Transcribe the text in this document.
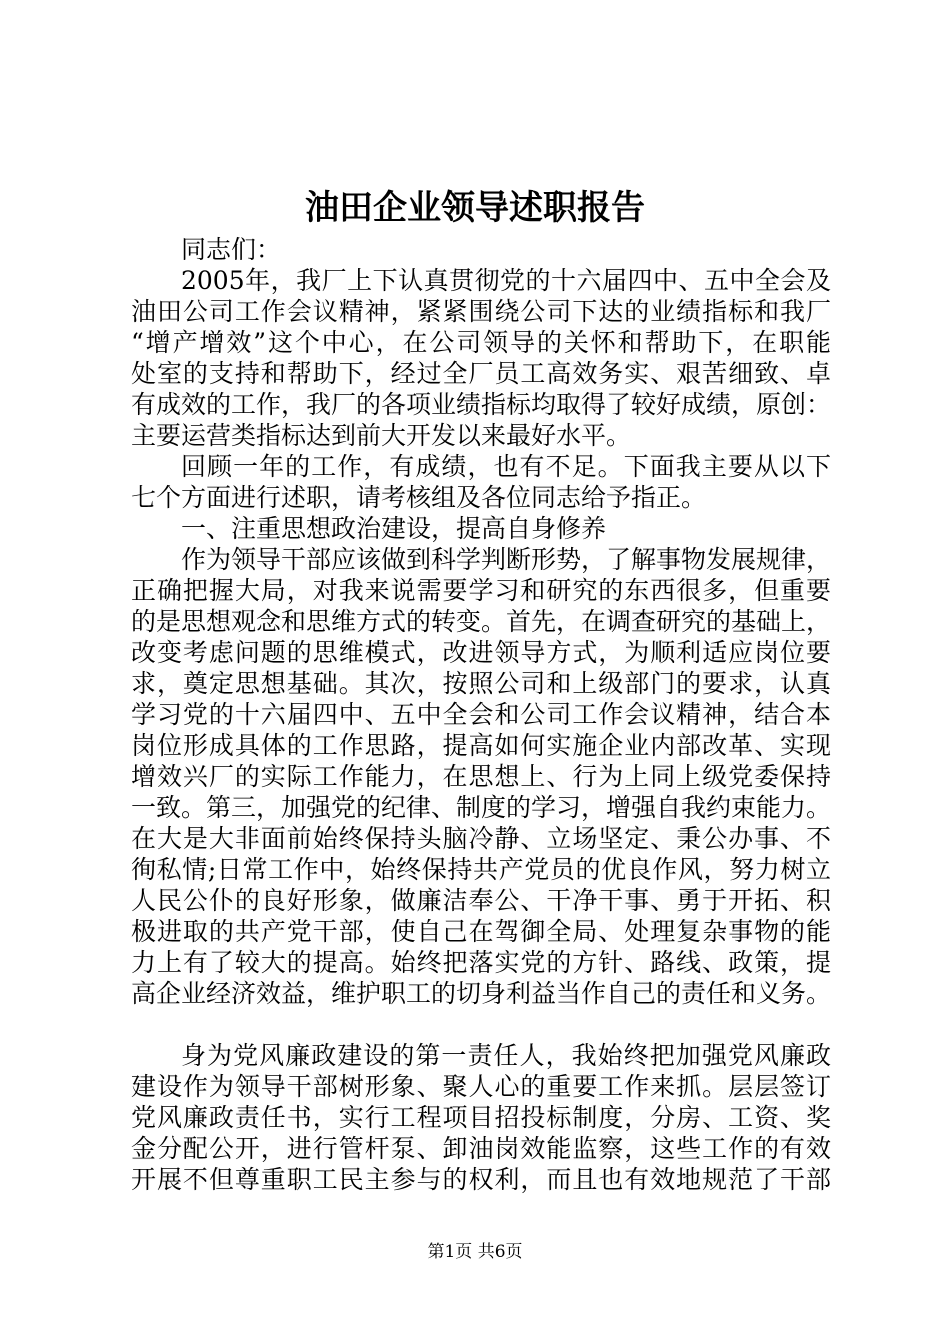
油田企业领导述职报告
同志们：
2005年，我厂上下认真贯彻党的十六届四中、五中全会及
油田公司工作会议精神，紧紧围绕公司下达的业绩指标和我厂
“增产增效”这个中心，在公司领导的关怀和帮助下，在职能
处室的支持和帮助下，经过全厂员工高效务实、艰苦细致、卓
有成效的工作，我厂的各项业绩指标均取得了较好成绩，原创：
主要运营类指标达到前大开发以来最好水平。
回顾一年的工作，有成绩，也有不足。下面我主要从以下
七个方面进行述职，请考核组及各位同志给予指正。
一、注重思想政治建设，提高自身修养
作为领导干部应该做到科学判断形势，了解事物发展规律，
正确把握大局，对我来说需要学习和研究的东西很多，但重要
的是思想观念和思维方式的转变。首先，在调查研究的基础上，
改变考虑问题的思维模式，改进领导方式，为顺利适应岗位要
求，奠定思想基础。其次，按照公司和上级部门的要求，认真
学习党的十六届四中、五中全会和公司工作会议精神，结合本
岗位形成具体的工作思路，提高如何实施企业内部改革、实现
增效兴厂的实际工作能力，在思想上、行为上同上级党委保持
一致。第三，加强党的纪律、制度的学习，增强自我约束能力。
在大是大非面前始终保持头脑冷静、立场坚定、秉公办事、不
徇私情;日常工作中，始终保持共产党员的优良作风，努力树立
人民公仆的良好形象，做廉洁奉公、干净干事、勇于开拓、积
极进取的共产党干部，使自己在驾御全局、处理复杂事物的能
力上有了较大的提高。始终把落实党的方针、路线、政策，提
高企业经济效益，维护职工的切身利益当作自己的责任和义务。
身为党风廉政建设的第一责任人，我始终把加强党风廉政
建设作为领导干部树形象、聚人心的重要工作来抓。层层签订
党风廉政责任书，实行工程项目招投标制度，分房、工资、奖
金分配公开，进行管杆泵、卸油岗效能监察，这些工作的有效
开展不但尊重职工民主参与的权利，而且也有效地规范了干部
第1页 共6页
